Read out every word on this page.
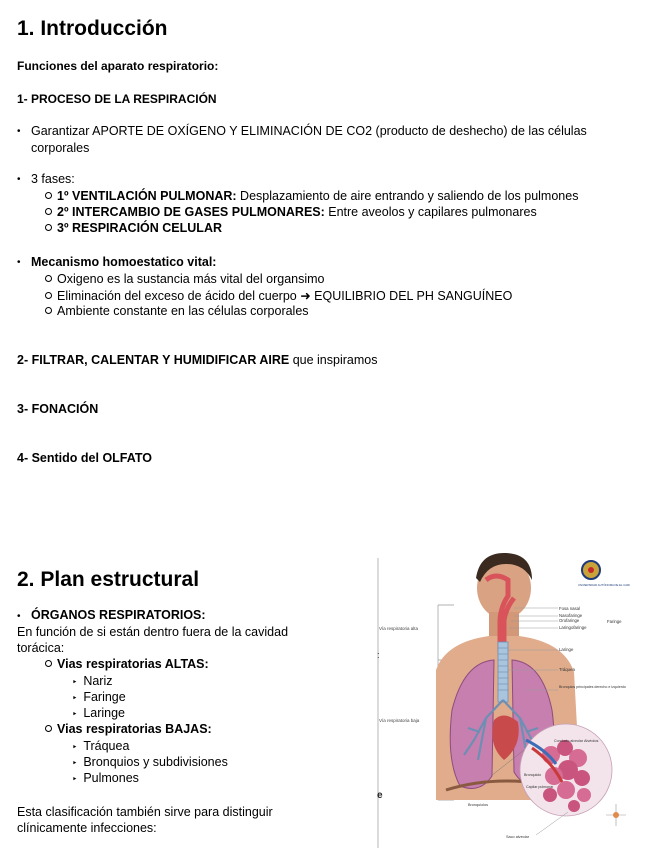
1. Introducción
Funciones del aparato respiratorio:
1- PROCESO DE LA RESPIRACIÓN
• Garantizar APORTE DE OXÍGENO Y ELIMINACIÓN DE CO2 (producto de deshecho) de las células
corporales
• 3 fases:
1º VENTILACIÓN PULMONAR: Desplazamiento de aire entrando y saliendo de los pulmones
2º INTERCAMBIO DE GASES PULMONARES: Entre aveolos y capilares pulmonares
3º RESPIRACIÓN CELULAR
• Mecanismo homoestatico vital:
Oxigeno es la sustancia más vital del organsimo
Eliminación del exceso de ácido del cuerpo ➜ EQUILIBRIO DEL PH SANGUÍNEO
Ambiente constante en las células corporales
2- FILTRAR, CALENTAR Y HUMIDIFICAR AIRE que inspiramos
3- FONACIÓN
4- Sentido del OLFATO
2. Plan estructural
• ÓRGANOS RESPIRATORIOS:
En función de si están dentro fuera de la cavidad
torácica:
Vias respiratorias ALTAS:
‣ Nariz
‣ Faringe
‣ Laringe
Vias respiratorias BAJAS:
‣ Tráquea
‣ Bronquios y subdivisiones
‣ Pulmones
Esta clasificación también sirve para distinguir
clínicamente infecciones:
Vía respiratoria alta
Vía respiratoria baja
:
e
Fosa nasal
Nasofaringe
Orofaringe
Laringofaringe
Faringe
Laringe
Tráquea
Bronquios principales derecho e izquierdo
Conducto alveolar Alvéolos
Bronquiolos
Capilar pulmonar
Bronquiolo
Saco alveolar
UNIVERSIDAD AUTÓNOMA DE EL CARIBE
